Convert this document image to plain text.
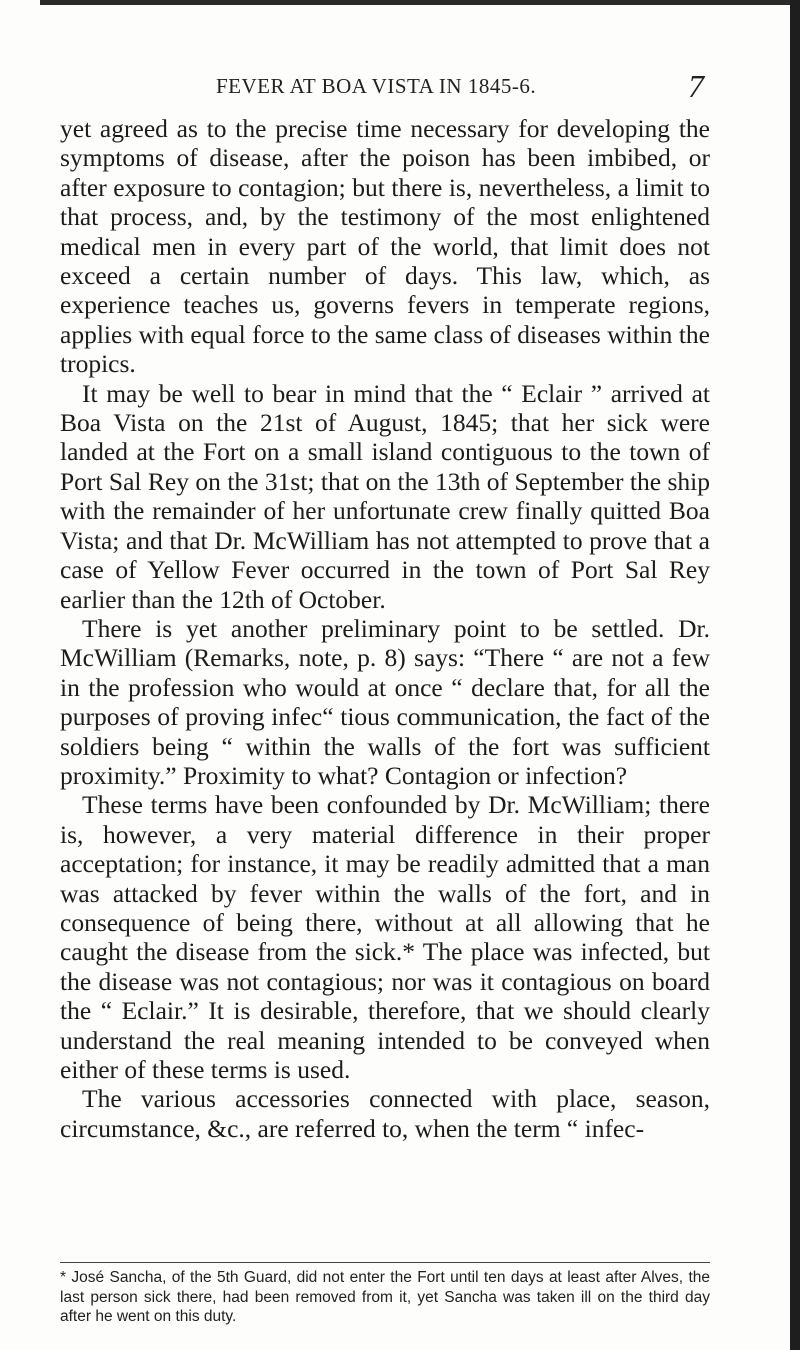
FEVER AT BOA VISTA IN 1845-6.	7

yet agreed as to the precise time necessary for developing the symptoms of disease, after the poison has been imbibed, or after exposure to contagion; but there is, nevertheless, a limit to that process, and, by the testimony of the most enlightened medical men in every part of the world, that limit does not exceed a certain number of days. This law, which, as experience teaches us, governs fevers in temperate regions, applies with equal force to the same class of diseases within the tropics.

It may be well to bear in mind that the “ Eclair ” arrived at Boa Vista on the 21st of August, 1845; that her sick were landed at the Fort on a small island contiguous to the town of Port Sal Rey on the 31st; that on the 13th of September the ship with the remainder of her unfortunate crew finally quitted Boa Vista; and that Dr. McWilliam has not attempted to prove that a case of Yellow Fever occurred in the town of Port Sal Rey earlier than the 12th of October.

There is yet another preliminary point to be settled. Dr. McWilliam (Remarks, note, p. 8) says: “There “ are not a few in the profession who would at once “ declare that, for all the purposes of proving infec“ tious communication, the fact of the soldiers being “ within the walls of the fort was sufficient proximity.” Proximity to what? Contagion or infection?

These terms have been confounded by Dr. McWilliam; there is, however, a very material difference in their proper acceptation; for instance, it may be readily admitted that a man was attacked by fever within the walls of the fort, and in consequence of being there, without at all allowing that he caught the disease from the sick.* The place was infected, but the disease was not contagious; nor was it contagious on board the “ Eclair.” It is desirable, therefore, that we should clearly understand the real meaning intended to be conveyed when either of these terms is used.

The various accessories connected with place, season, circumstance, &c., are referred to, when the term “ infec-

* José Sancha, of the 5th Guard, did not enter the Fort until ten days at least after Alves, the last person sick there, had been removed from it, yet Sancha was taken ill on the third day after he went on this duty.
